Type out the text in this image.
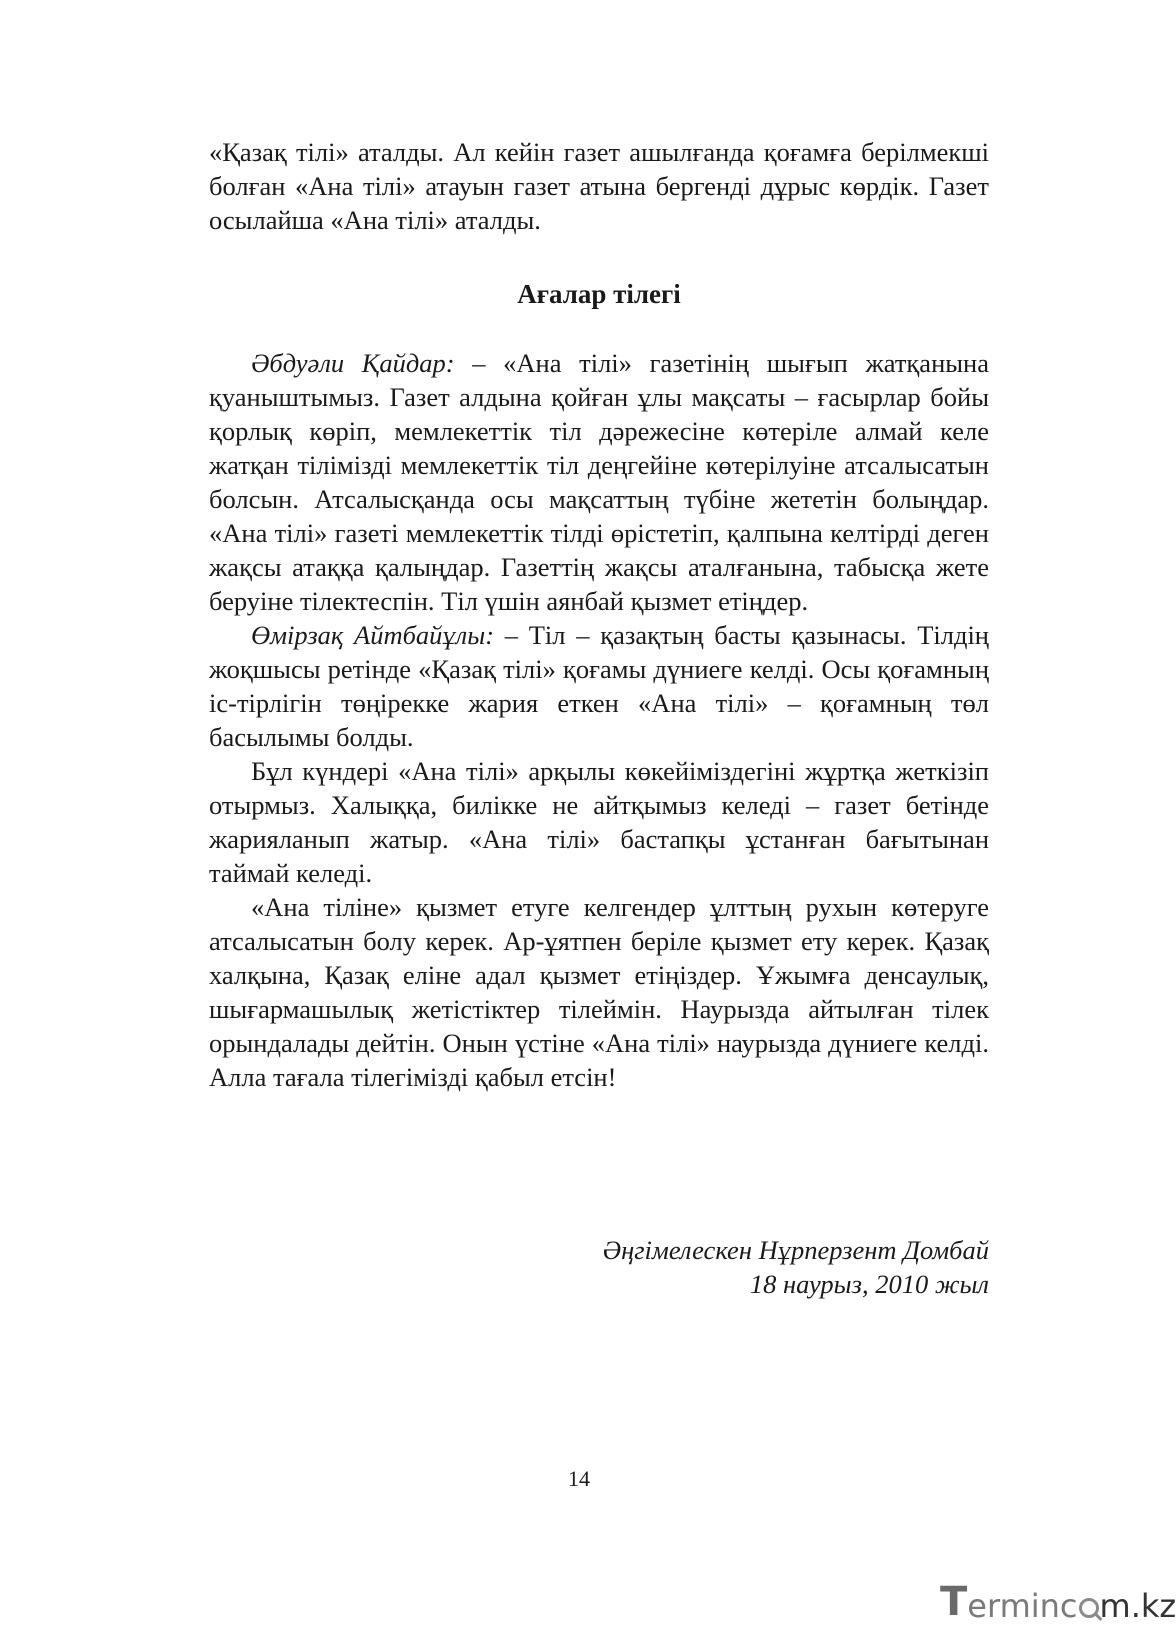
«Қазақ тілі» аталды. Ал кейін газет ашылғанда қоғамға берілмекші болған «Ана тілі» атауын газет атына бергенді дұрыс көрдік. Газет осылайша «Ана тілі» аталды.

Ағалар тілегі

Әбдуәли Қайдар: – «Ана тілі» газетінің шығып жатқанына қуаныштымыз. Газет алдына қойған ұлы мақсаты – ғасырлар бойы қорлық көріп, мемлекеттік тіл дәрежесіне көтеріле алмай келе жатқан тілімізді мемлекеттік тіл деңгейіне көтерілуіне атсалысатын болсын. Атсалысқанда осы мақсаттың түбіне жететін болыңдар. «Ана тілі» газеті мемлекеттік тілді өрістетіп, қалпына келтірді деген жақсы атаққа қалыңдар. Газеттің жақсы аталғанына, табысқа жете беруіне тілектеспін. Тіл үшін аянбай қызмет етіңдер.

Өмірзақ Айтбайұлы: – Тіл – қазақтың басты қазынасы. Тілдің жоқшысы ретінде «Қазақ тілі» қоғамы дүниеге келді. Осы қоғамның іс-тірлігін төңірекке жария еткен «Ана тілі» – қоғамның төл басылымы болды.

Бұл күндері «Ана тілі» арқылы көкейіміздегіні жұртқа жеткізіп отырмыз. Халыққа, билікке не айтқымыз келеді – газет бетінде жарияланып жатыр. «Ана тілі» бастапқы ұстанған бағытынан таймай келеді.

«Ана тіліне» қызмет етуге келгендер ұлттың рухын көтеруге атсалысатын болу керек. Ар-ұятпен беріле қызмет ету керек. Қазақ халқына, Қазақ еліне адал қызмет етіңіздер. Ұжымға денсаулық, шығармашылық жетістіктер тілеймін. Наурызда айтылған тілек орындалады дейтін. Онын үстіне «Ана тілі» наурызда дүниеге келді. Алла тағала тілегімізді қабыл етсін!

Әңгімелескен Нұрперзент Домбай
18 наурыз, 2010 жыл
14
T erminc m.kz
